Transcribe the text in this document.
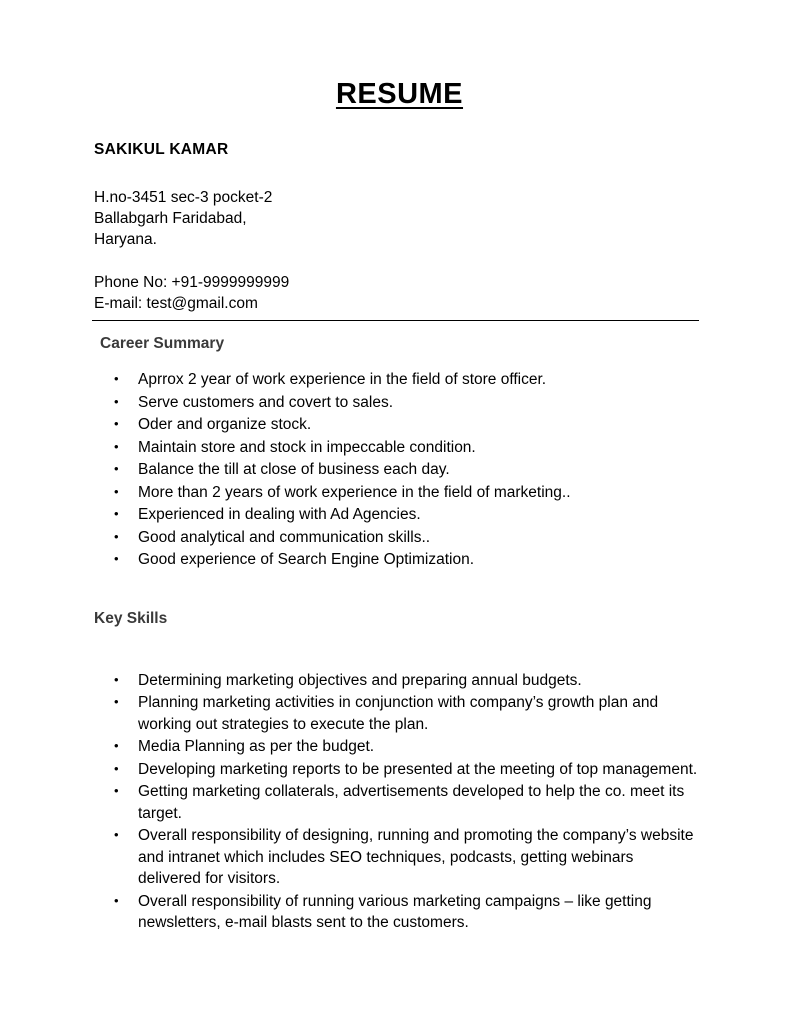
RESUME
SAKIKUL KAMAR

H.no-3451 sec-3 pocket-2

Ballabgarh Faridabad,

Haryana.

Phone No: +91-9999999999

E-mail: test@gmail.com

Career Summary
• Aprrox 2 year of work experience in the field of store officer.
• Serve customers and covert to sales.
• Oder and organize stock.
• Maintain store and stock in impeccable condition.
• Balance the till at close of business each day.
• More than 2 years of work experience in the field of marketing..
• Experienced in dealing with Ad Agencies.
• Good analytical and communication skills..
• Good experience of Search Engine Optimization.
Key Skills
• Determining marketing objectives and preparing annual budgets.
• Planning marketing activities in conjunction with company’s growth plan and working out strategies to execute the plan.
• Media Planning as per the budget.
• Developing marketing reports to be presented at the meeting of top management.
• Getting marketing collaterals, advertisements developed to help the co. meet its target.
• Overall responsibility of designing, running and promoting the company’s website and intranet which includes SEO techniques, podcasts, getting webinars delivered for visitors.
• Overall responsibility of running various marketing campaigns – like getting newsletters, e-mail blasts sent to the customers.
